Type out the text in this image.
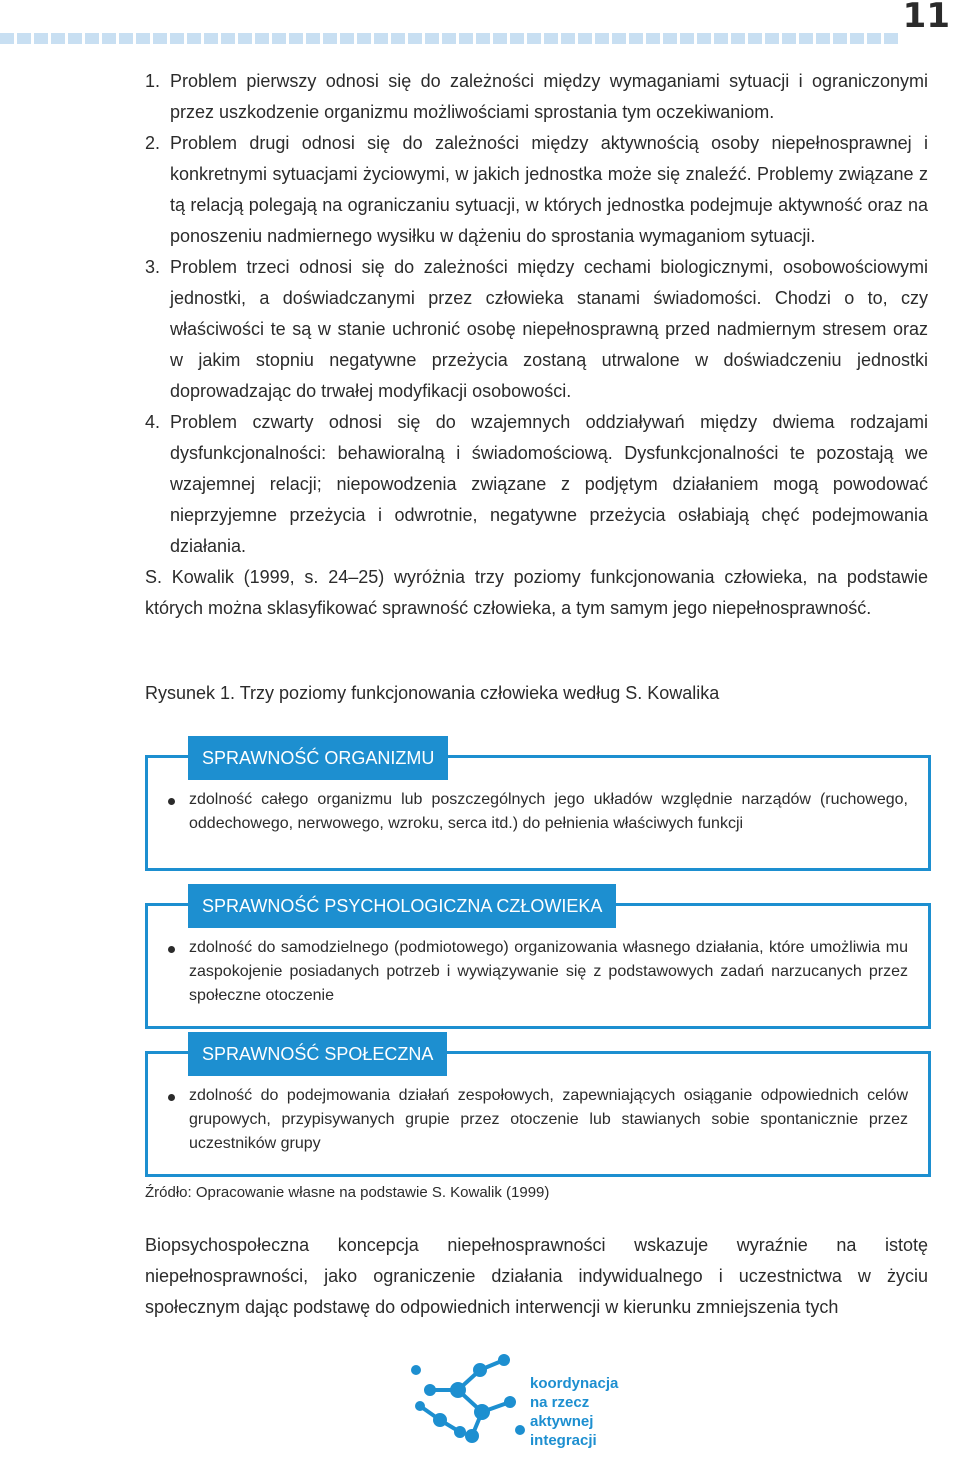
11
1. Problem pierwszy odnosi się do zależności między wymaganiami sytuacji i ograniczonymi przez uszkodzenie organizmu możliwościami sprostania tym oczekiwaniom.
2. Problem drugi odnosi się do zależności między aktywnością osoby niepełnosprawnej i konkretnymi sytuacjami życiowymi, w jakich jednostka może się znaleźć. Problemy związane z tą relacją polegają na ograniczaniu sytuacji, w których jednostka podejmuje aktywność oraz na ponoszeniu nadmiernego wysiłku w dążeniu do sprostania wymaganiom sytuacji.
3. Problem trzeci odnosi się do zależności między cechami biologicznymi, osobowościowymi jednostki, a doświadczanymi przez człowieka stanami świadomości. Chodzi o to, czy właściwości te są w stanie uchronić osobę niepełnosprawną przed nadmiernym stresem oraz w jakim stopniu negatywne przeżycia zostaną utrwalone w doświadczeniu jednostki doprowadzając do trwałej modyfikacji osobowości.
4. Problem czwarty odnosi się do wzajemnych oddziaływań między dwiema rodzajami dysfunkcjonalności: behawioralną i świadomościową. Dysfunkcjonalności te pozostają we wzajemnej relacji; niepowodzenia związane z podjętym działaniem mogą powodować nieprzyjemne przeżycia i odwrotnie, negatywne przeżycia osłabiają chęć podejmowania działania.

S. Kowalik (1999, s. 24–25) wyróżnia trzy poziomy funkcjonowania człowieka, na podstawie których można sklasyfikować sprawność człowieka, a tym samym jego niepełnosprawność.

Rysunek 1. Trzy poziomy funkcjonowania człowieka według S. Kowalika

SPRAWNOŚĆ ORGANIZMU
zdolność całego organizmu lub poszczególnych jego układów względnie narządów (ruchowego, oddechowego, nerwowego, wzroku, serca itd.) do pełnienia właściwych funkcji
SPRAWNOŚĆ PSYCHOLOGICZNA CZŁOWIEKA
zdolność do samodzielnego (podmiotowego) organizowania własnego działania, które umożliwia mu zaspokojenie posiadanych potrzeb i wywiązywanie się z podstawowych zadań narzucanych przez społeczne otoczenie
SPRAWNOŚĆ SPOŁECZNA
zdolność do podejmowania działań zespołowych, zapewniających osiąganie odpowiednich celów grupowych, przypisywanych grupie przez otoczenie lub stawianych sobie spontanicznie przez uczestników grupy
Źródło: Opracowanie własne na podstawie S. Kowalik (1999)
Biopsychospołeczna koncepcja niepełnosprawności wskazuje wyraźnie na istotę niepełnosprawności, jako ograniczenie działania indywidualnego i uczestnictwa w życiu społecznym dając podstawę do odpowiednich interwencji w kierunku zmniejszenia tych
koordynacja
na rzecz
aktywnej
integracji
